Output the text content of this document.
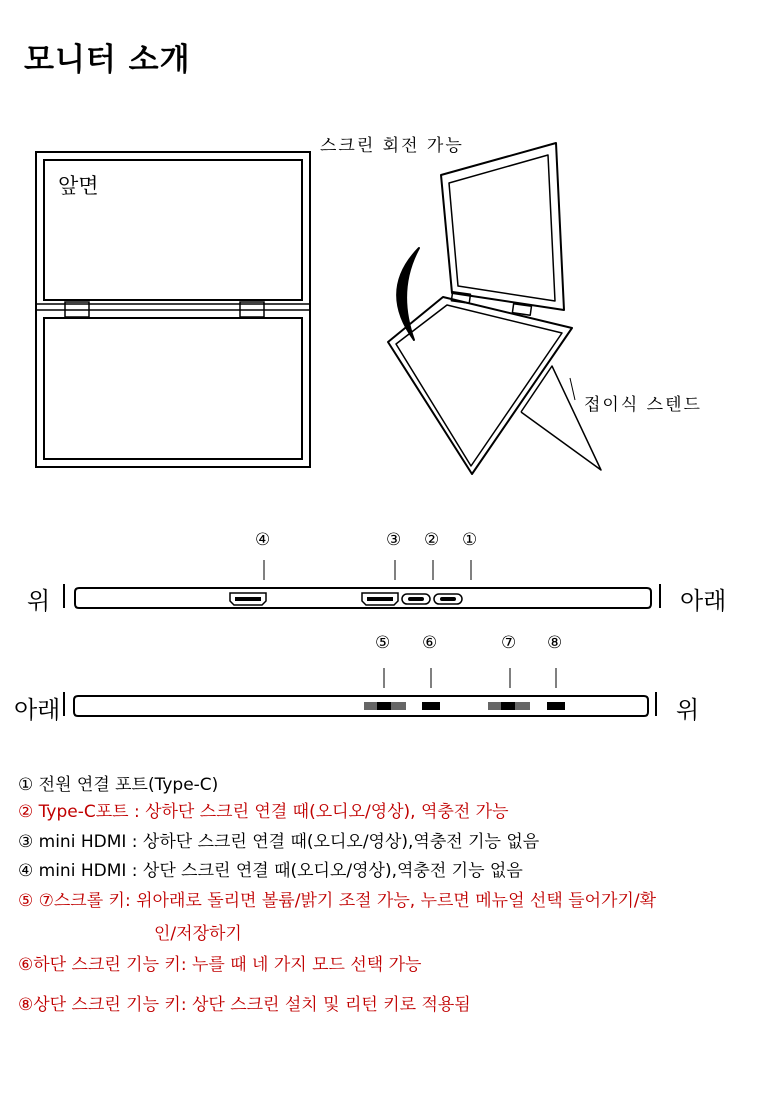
모니터 소개
앞면
스크린 회전 가능
접이식 스텐드
위	아래
아래	위
④	③ ② ①
⑤ ⑥	⑦ ⑧
① 전원 연결 포트(Type-C)
② Type-C포트 : 상하단 스크린 연결 때(오디오/영상), 역충전 가능
③ mini HDMI : 상하단 스크린 연결 때(오디오/영상),역충전 기능 없음
④ mini HDMI : 상단 스크린 연결 때(오디오/영상),역충전 기능 없음
⑤ ⑦스크롤 키: 위아래로 돌리면 볼륨/밝기 조절 가능, 누르면 메뉴얼 선택 들어가기/확
인/저장하기
⑥하단 스크린 기능 키: 누를 때 네 가지 모드 선택 가능
⑧상단 스크린 기능 키: 상단 스크린 설치 및 리턴 키로 적용됨
